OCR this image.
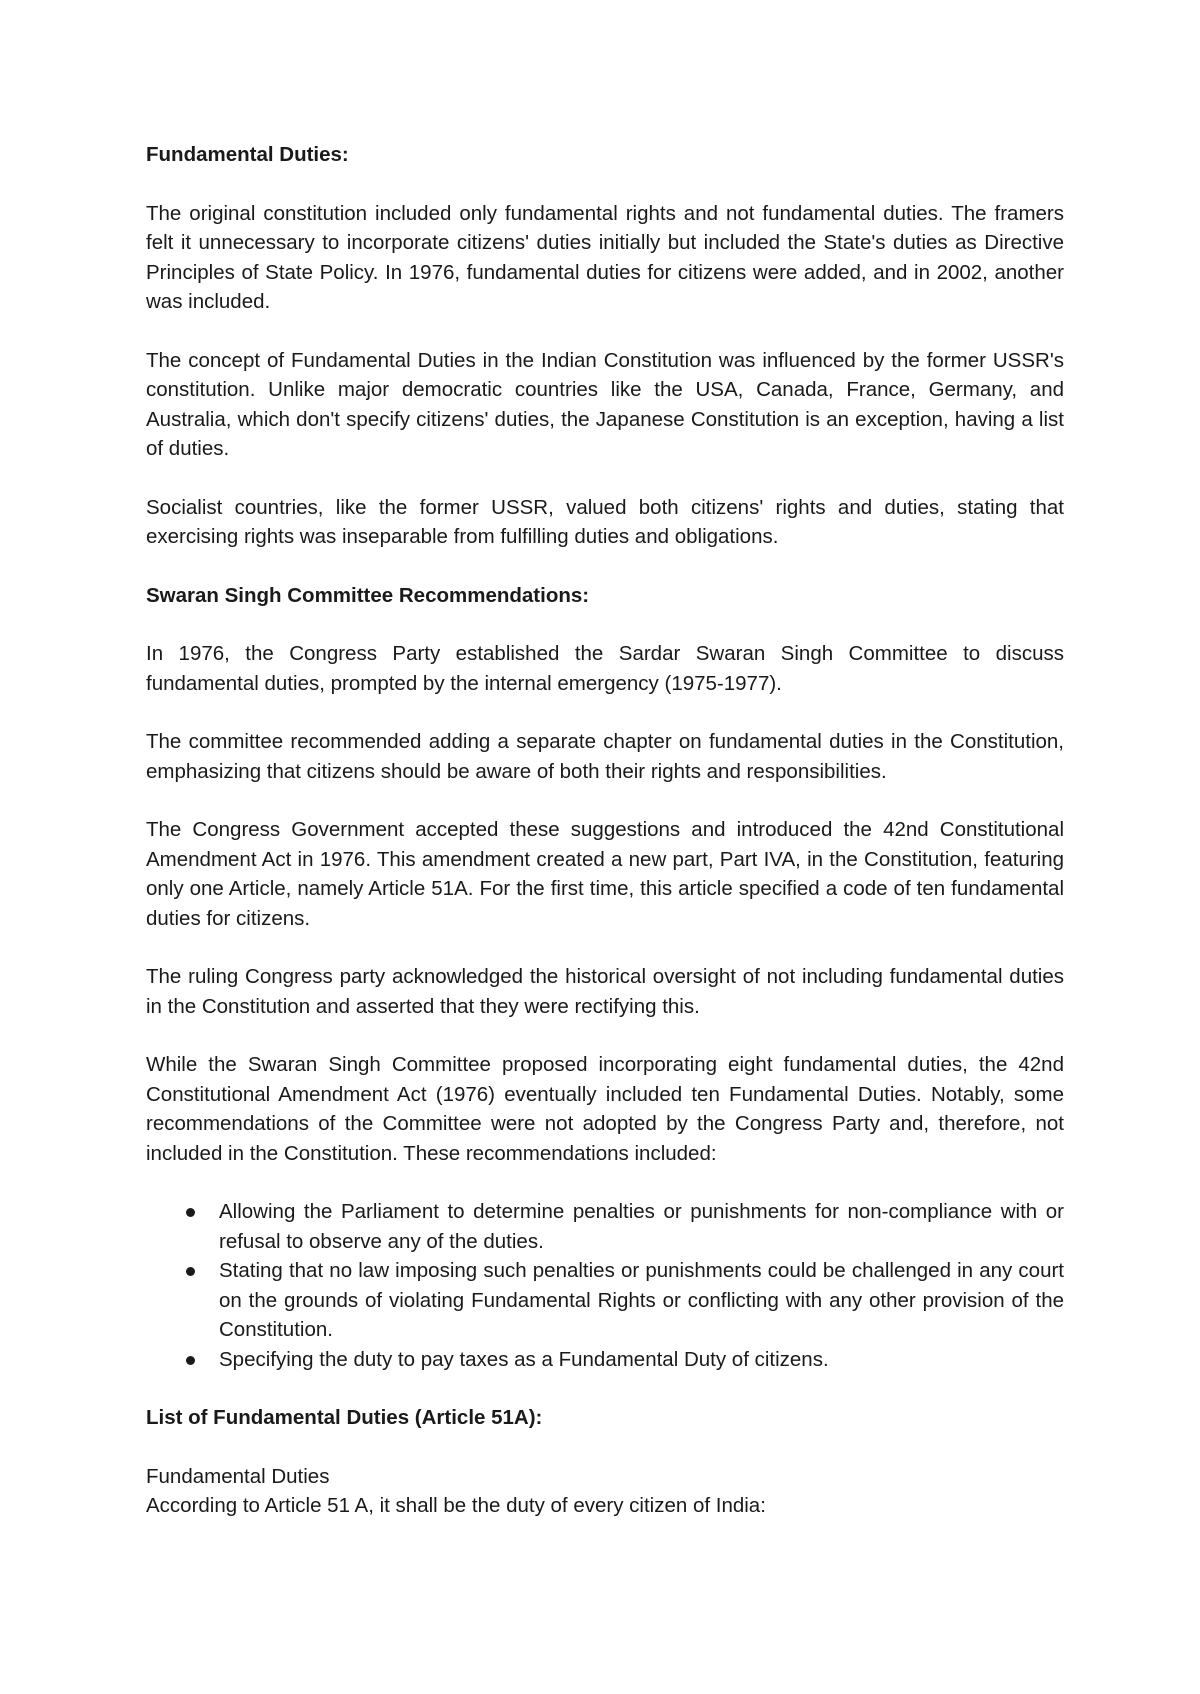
Fundamental Duties:

The original constitution included only fundamental rights and not fundamental duties. The framers felt it unnecessary to incorporate citizens' duties initially but included the State's duties as Directive Principles of State Policy. In 1976, fundamental duties for citizens were added, and in 2002, another was included.

The concept of Fundamental Duties in the Indian Constitution was influenced by the former USSR's constitution. Unlike major democratic countries like the USA, Canada, France, Germany, and Australia, which don't specify citizens' duties, the Japanese Constitution is an exception, having a list of duties.

Socialist countries, like the former USSR, valued both citizens' rights and duties, stating that exercising rights was inseparable from fulfilling duties and obligations.

Swaran Singh Committee Recommendations:

In 1976, the Congress Party established the Sardar Swaran Singh Committee to discuss fundamental duties, prompted by the internal emergency (1975-1977).

The committee recommended adding a separate chapter on fundamental duties in the Constitution, emphasizing that citizens should be aware of both their rights and responsibilities.

The Congress Government accepted these suggestions and introduced the 42nd Constitutional Amendment Act in 1976. This amendment created a new part, Part IVA, in the Constitution, featuring only one Article, namely Article 51A. For the first time, this article specified a code of ten fundamental duties for citizens.

The ruling Congress party acknowledged the historical oversight of not including fundamental duties in the Constitution and asserted that they were rectifying this.

While the Swaran Singh Committee proposed incorporating eight fundamental duties, the 42nd Constitutional Amendment Act (1976) eventually included ten Fundamental Duties. Notably, some recommendations of the Committee were not adopted by the Congress Party and, therefore, not included in the Constitution. These recommendations included:

Allowing the Parliament to determine penalties or punishments for non-compliance with or refusal to observe any of the duties.
Stating that no law imposing such penalties or punishments could be challenged in any court on the grounds of violating Fundamental Rights or conflicting with any other provision of the Constitution.
Specifying the duty to pay taxes as a Fundamental Duty of citizens.
List of Fundamental Duties (Article 51A):

Fundamental Duties

According to Article 51 A, it shall be the duty of every citizen of India:
